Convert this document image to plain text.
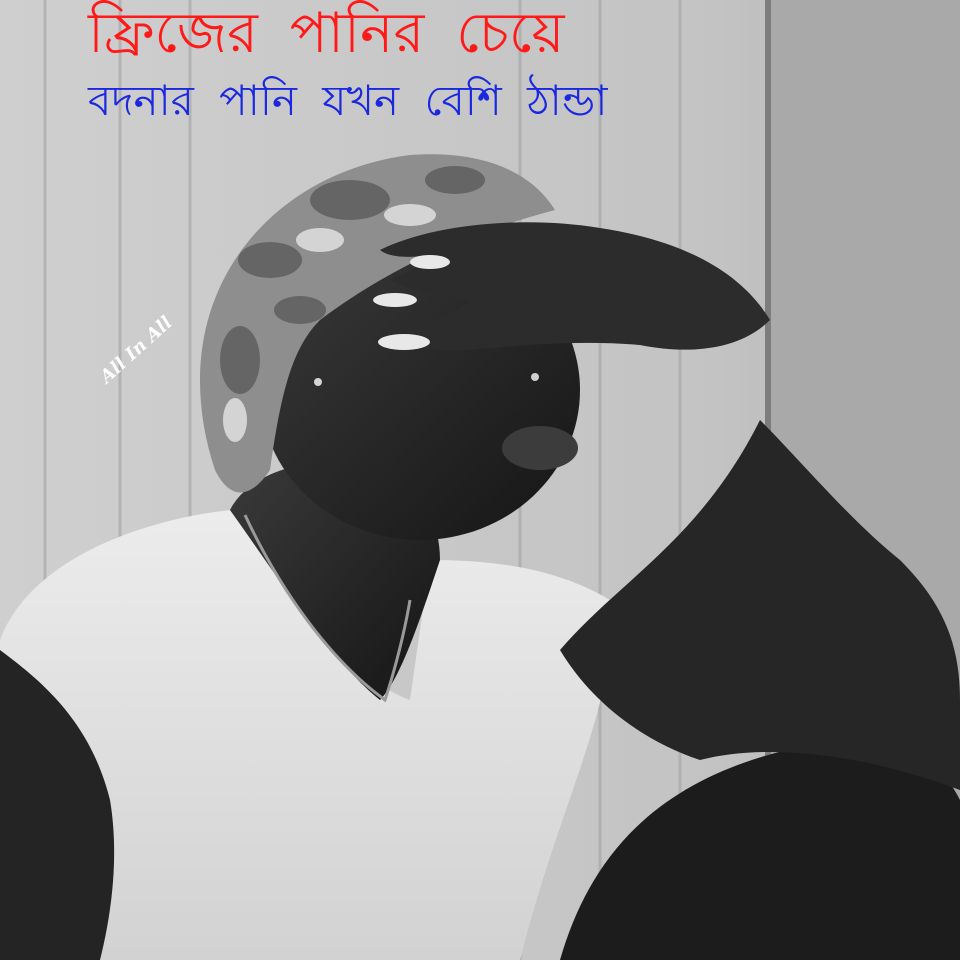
ফ্রিজের পানির চেয়ে
বদনার পানি যখন বেশি ঠান্ডা
All In All
